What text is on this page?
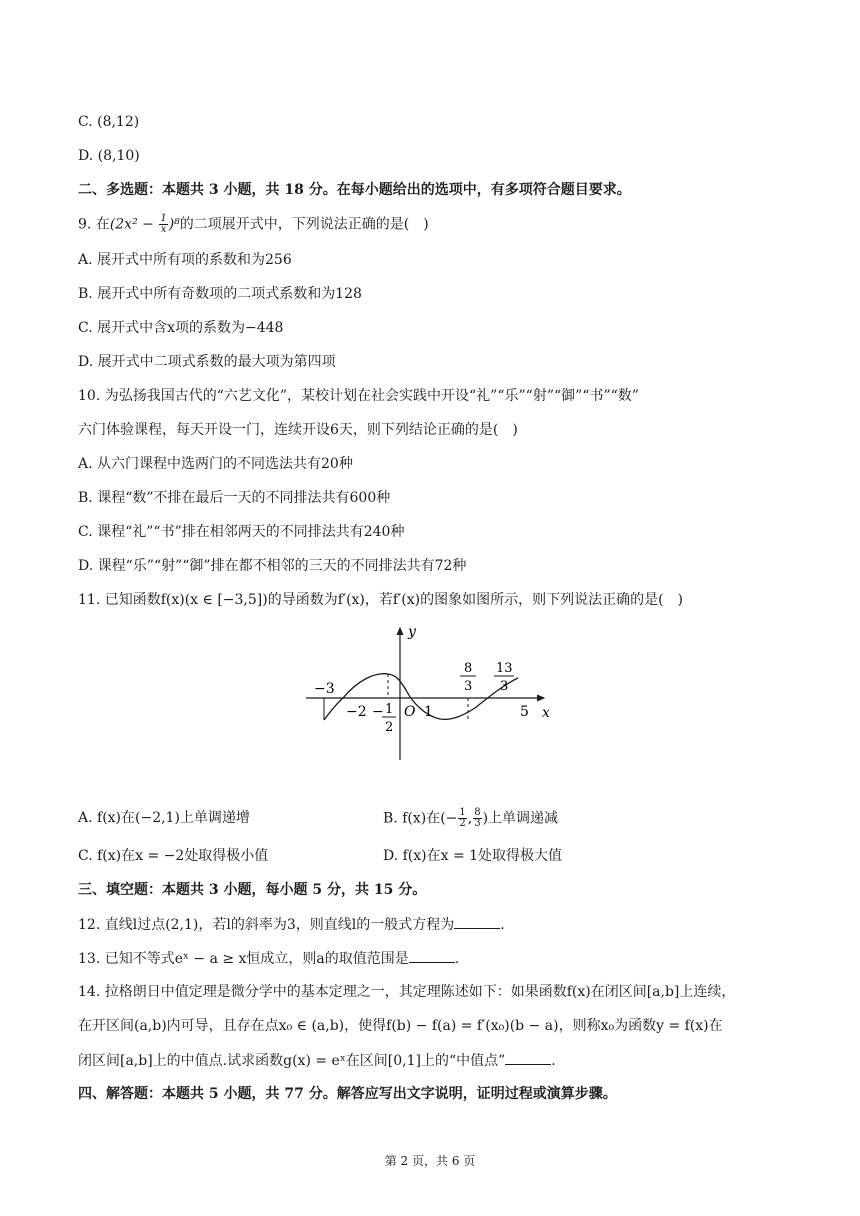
C. (8,12)
D. (8,10)
二、多选题：本题共 3 小题，共 18 分。在每小题给出的选项中，有多项符合题目要求。
9. 在$(2x^2 - \frac{1}{x} )^8$的二项展开式中，下列说法正确的是(　)
A. 展开式中所有项的系数和为256
B. 展开式中所有奇数项的二项式系数和为128
C. 展开式中含x项的系数为−448
D. 展开式中二项式系数的最大项为第四项
10. 为弘扬我国古代的“六艺文化”，某校计划在社会实践中开设“礼”“乐”“射”“御”“书”“数”
六门体验课程，每天开设一门，连续开设6天，则下列结论正确的是(　)
A. 从六门课程中选两门的不同选法共有20种
B. 课程“数”不排在最后一天的不同排法共有600种
C. 课程“礼”“书”排在相邻两天的不同排法共有240种
D. 课程“乐”“射”“御”排在都不相邻的三天的不同排法共有72种
11. 已知函数f(x)(x ∈ [−3,5])的导函数为f′(x)，若f′(x)的图象如图所示，则下列说法正确的是(　)
y
x
O
−3
−2 − 1
2
1	5
8
3
13
3
A. f(x)在(−2,1)上单调递增	B. f(x)在(− $\frac{1}{2}$ , $\frac{8}{3}$ )上单调递减
C. f(x)在x = −2处取得极小值	D. f(x)在x = 1处取得极大值
三、填空题：本题共 3 小题，每小题 5 分，共 15 分。
12. 直线l过点(2,1)，若l的斜率为3，则直线l的一般式方程为	.
13. 已知不等式eˣ − a ≥ x恒成立，则a的取值范围是	.
14. 拉格朗日中值定理是微分学中的基本定理之一，其定理陈述如下：如果函数f(x)在闭区间[a,b]上连续，
在开区间(a,b)内可导，且存在点x₀ ∈ (a,b)，使得f(b) − f(a) = f′(x₀)(b − a)，则称x₀为函数y = f(x)在
闭区间[a,b]上的中值点.试求函数g(x) = eˣ在区间[0,1]上的“中值点”	.
四、解答题：本题共 5 小题，共 77 分。解答应写出文字说明，证明过程或演算步骤。
第 2 页，共 6 页
